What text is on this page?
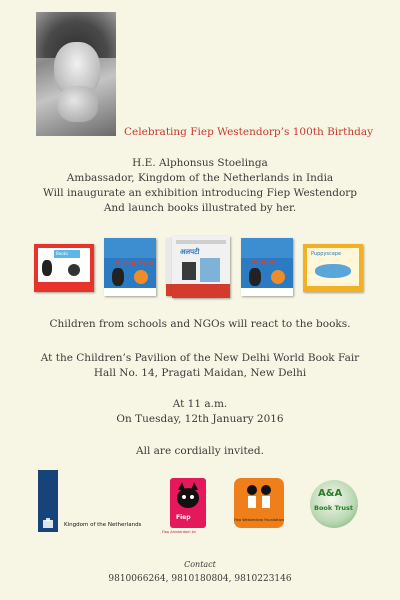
Celebrating Fiep Westendorp’s 100th Birthday
H.E. Alphonsus Stoelinga
Ambassador, Kingdom of the Netherlands in India
Will inaugurate an exhibition introducing Fiep Westendorp
And launch books illustrated by her.
Books
Pim & Pom	पिम और पोम
Puppyscape
अलपटी
Children from schools and NGOs will react to the books.
At the Children’s Pavilion of the New Delhi World Book Fair
Hall No. 14, Pragati Maidan, New Delhi
At 11 a.m.
On Tuesday, 12th January 2016
All are cordially invited.
Kingdom of the Netherlands
Fiep
Fiep Amsterdam bv
Fiep Westendorp Foundation
A&A
Book Trust
Contact
9810066264, 9810180804, 9810223146
